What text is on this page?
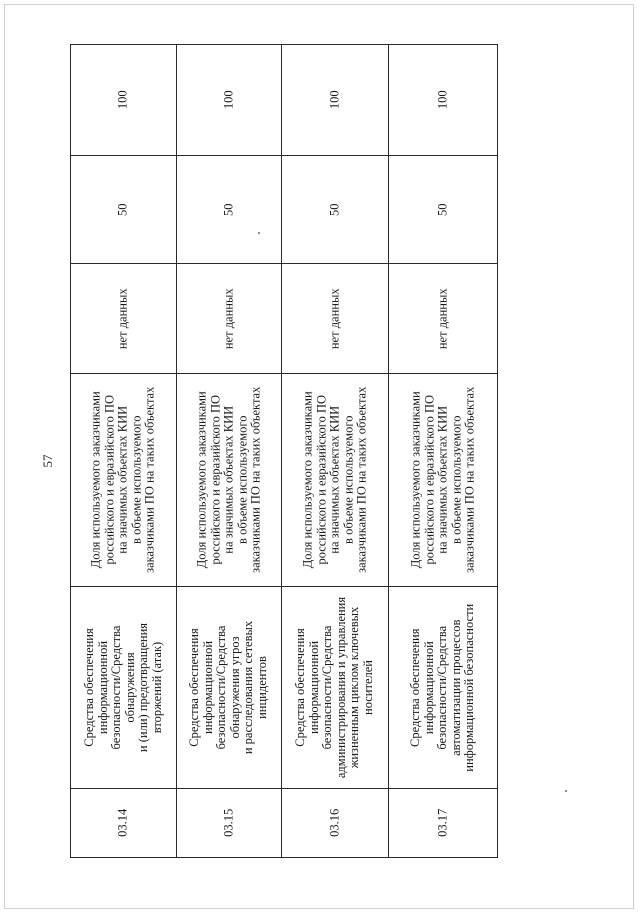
57
03.14
Средства обеспечения
информационной
безопасности/Средства
обнаружения
и (или) предотвращения
вторжений (атак)
Доля используемого заказчиками
российского и евразийского ПО
на значимых объектах КИИ
в объеме используемого
заказчиками ПО на таких объектах
нет данных
50
100
03.15
Средства обеспечения
информационной
безопасности/Средства
обнаружения угроз
и расследования сетевых
инцидентов
Доля используемого заказчиками
российского и евразийского ПО
на значимых объектах КИИ
в объеме используемого
заказчиками ПО на таких объектах
нет данных
50
100
03.16
Средства обеспечения
информационной
безопасности/Средства
администрирования и управления
жизненным циклом ключевых
носителей
Доля используемого заказчиками
российского и евразийского ПО
на значимых объектах КИИ
в объеме используемого
заказчиками ПО на таких объектах
нет данных
50
100
03.17
Средства обеспечения
информационной
безопасности/Средства
автоматизации процессов
информационной безопасности
Доля используемого заказчиками
российского и евразийского ПО
на значимых объектах КИИ
в объеме используемого
заказчиками ПО на таких объектах
нет данных
50
100
